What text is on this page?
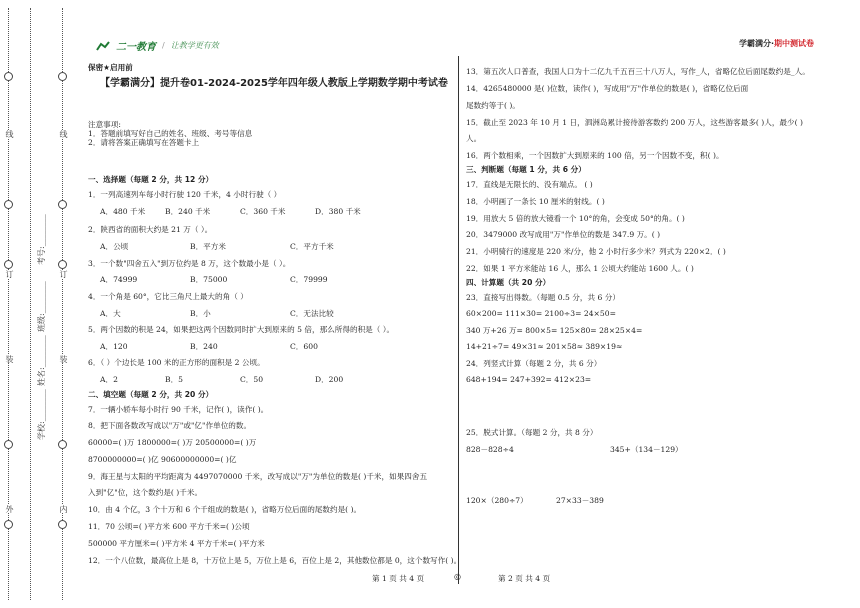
线
订
装
外	内
线
订
装
学校:________
姓名:________
班级:________
考号:________
二一教育 / 让教学更有效	学霸满分·期中测试卷
保密★启用前
【学霸满分】提升卷01-2024-2025学年四年级人教版上学期数学期中考试卷

注意事项:

1．答题前填写好自己的姓名、班级、考号等信息

2．请将答案正确填写在答题卡上

一、选择题（每题 2 分，共 12 分）
1．一列高速列车每小时行驶 120 千米，4 小时行驶（ ）
A．480 千米	B．240 千米	C．360 千米	D．380 千米
2．陕西省的面积大约是 21 万（ ）。
A．公顷	B．平方米	C．平方千米
3．一个数"四舍五入"到万位约是 8 万，这个数最小是（ ）。
A．74999	B．75000	C．79999
4．一个角是 60°，它比三角尺上最大的角（ ）
A．大	B．小	C．无法比较
5．两个因数的积是 24，如果把这两个因数同时扩大到原来的 5 倍，那么所得的积是（ ）。
A．120	B．240	C．600
6．（ ）个边长是 100 米的正方形的面积是 2 公顷。
A．2	B．5	C．50	D．200
二、填空题（每题 2 分，共 20 分）
7．一辆小轿车每小时行 90 千米，记作( )，读作( )。
8．把下面各数改写成以"万"或"亿"作单位的数。
60000=( )万 1800000=( )万 20500000=( )万
8700000000=( )亿 90600000000=( )亿
9．海王星与太阳的平均距离为 4497070000 千米，改写成以"万"为单位的数是( )千米，如果四舍五
入到"亿"位，这个数约是( )千米。
10．由 4 个亿，3 个十万和 6 个千组成的数是( )，省略万位后面的尾数约是( )。
11．70 公顷=( )平方米 600 平方千米=( )公顷
500000 平方厘米=( )平方米 4 平方千米=( )平方米
12．一个八位数，最高位上是 8，十万位上是 5，万位上是 6，百位上是 2，其他数位都是 0，这个数写作( )。
13．第五次人口普查，我国人口为十二亿九千五百三十八万人，写作_人，省略亿位后面尾数约是_人。
14．4265480000 是( )位数，读作( )，写成用"万"作单位的数是( )，省略亿位后面
尾数约等于( )。
15．截止至 2023 年 10 月 1 日，泗洲岛累计接待游客数约 200 万人，这些游客最多( )人，最少( )
人。
16．两个数相乘，一个因数扩大到原来的 100 倍，另一个因数不变，积( )。
三、判断题（每题 1 分，共 6 分）
17．直线是无限长的、没有端点。 ( )
18．小明画了一条长 10 厘米的射线。( )
19．用放大 5 倍的放大镜看一个 10°的角，会变成 50°的角。( )
20．3479000 改写成用"万"作单位的数是 347.9 万。( )
21．小明骑行的速度是 220 米/分，他 2 小时行多少米？列式为 220×2．( )
22．如果 1 平方米能站 16 人，那么 1 公顷大约能站 1600 人。( )
四、计算题（共 20 分）
23．直接写出得数。（每题 0.5 分，共 6 分）
60×200= 111×30= 2100÷3= 24×50=
340 万+26 万= 800×5= 125×80= 28×25×4=
14+21÷7= 49×31≈ 201×58≈ 389×19≈
24．列竖式计算（每题 2 分，共 6 分）
648+194= 247+392= 412×23=
25．脱式计算。（每题 2 分，共 8 分）
828－828÷4	345+（134－129）
120×（280÷7）	27×33－389
第 1 页 共 4 页	◎	第 2 页 共 4 页
